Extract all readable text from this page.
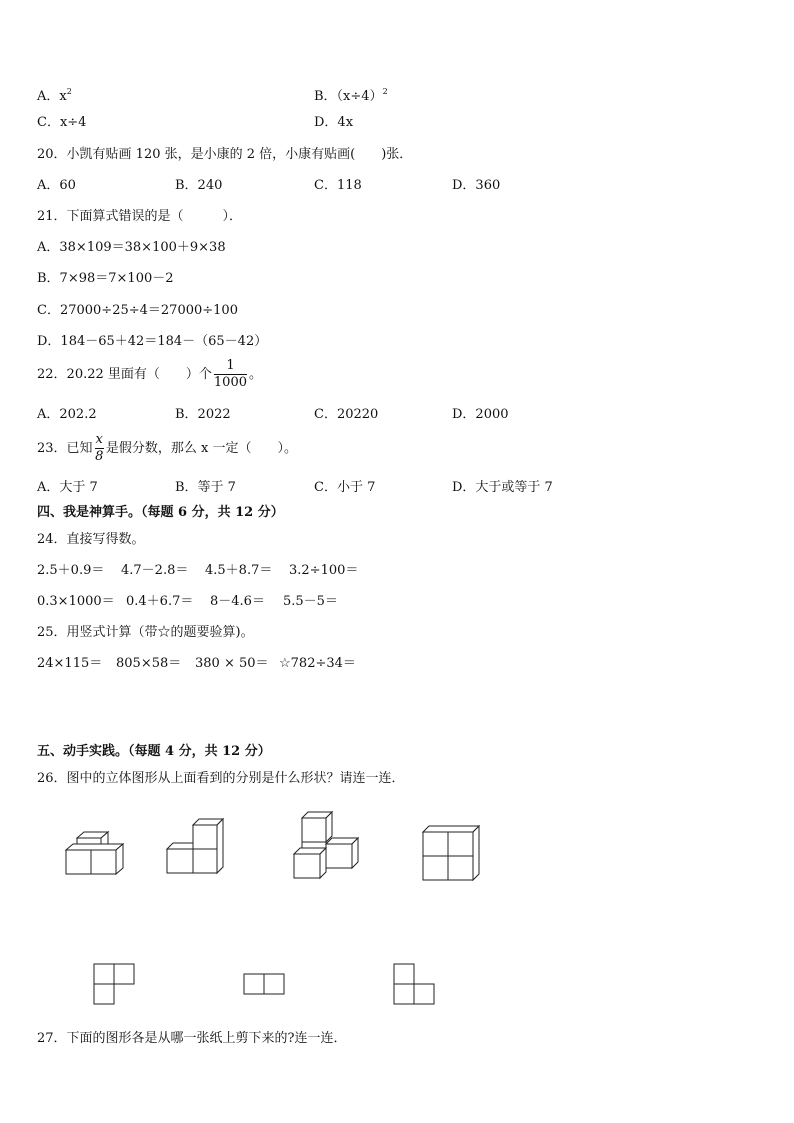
A．$x^2$	B．$(x\div 4)^2$
C．x÷4	D．4x
20．小凯有贴画 120 张，是小康的 2 倍，小康有贴画(　　)张．
A．60	B．240	C．118	D．360
21．下面算式错误的是（　　　）．
A．38×109＝38×100＋9×38
B．7×98＝7×100－2
C．27000÷25÷4＝27000÷100
D．184－65＋42＝184－（65－42）
22．20.22 里面有（　　）个 $\frac{1}{1000}$ 。
A．202.2	B．2022	C．20220	D．2000
23．已知 $\frac{x}{8}$ 是假分数，那么 x 一定（　　）。
A．大于 7	B．等于 7	C．小于 7	D．大于或等于 7
四、我是神算手。（每题 6 分，共 12 分）
24．直接写得数。
2.5＋0.9＝ 4.7－2.8＝ 4.5＋8.7＝ 3.2÷100＝
0.3×1000＝ 0.4＋6.7＝ 8－4.6＝ 5.5－5＝
25．用竖式计算（带☆的题要验算)。
24×115＝ 805×58＝ 380 × 50＝ ☆782÷34＝
五、动手实践。（每题 4 分，共 12 分）
26．图中的立体图形从上面看到的分别是什么形状？请连一连．
27．下面的图形各是从哪一张纸上剪下来的?连一连．
